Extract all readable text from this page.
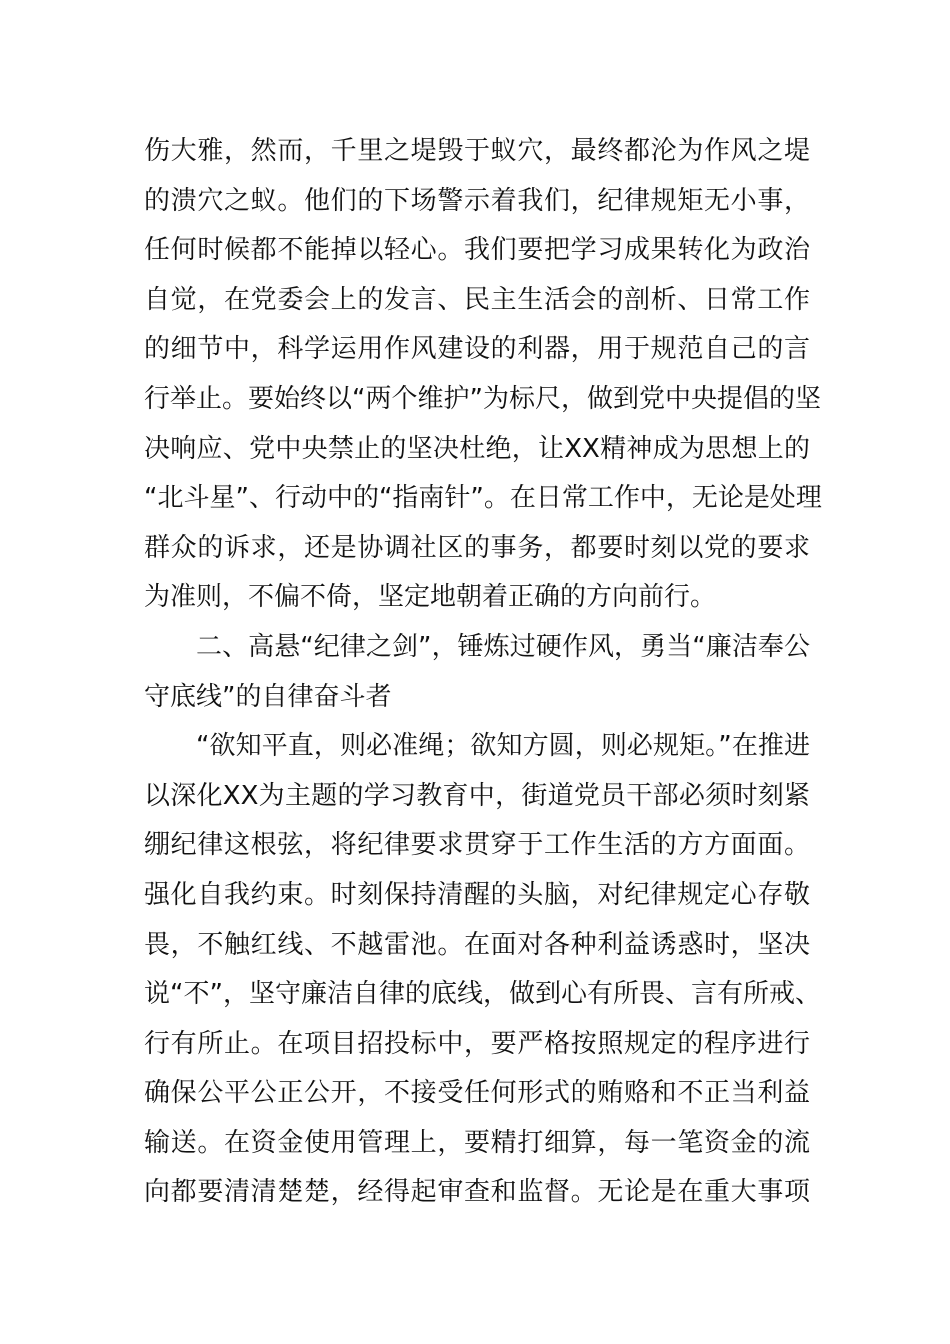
伤大雅，然而，千里之堤毁于蚁穴，最终都沦为作风之堤
的溃穴之蚁。他们的下场警示着我们，纪律规矩无小事，
任何时候都不能掉以轻心。我们要把学习成果转化为政治
自觉，在党委会上的发言、民主生活会的剖析、日常工作
的细节中，科学运用作风建设的利器，用于规范自己的言
行举止。要始终以“两个维护”为标尺，做到党中央提倡的坚
决响应、党中央禁止的坚决杜绝，让XX精神成为思想上的
“北斗星”、行动中的“指南针”。在日常工作中，无论是处理
群众的诉求，还是协调社区的事务，都要时刻以党的要求
为准则，不偏不倚，坚定地朝着正确的方向前行。

二、高悬“纪律之剑”，锤炼过硬作风，勇当“廉洁奉公
守底线”的自律奋斗者

“欲知平直，则必准绳；欲知方圆，则必规矩。”在推进
以深化XX为主题的学习教育中，街道党员干部必须时刻紧
绷纪律这根弦，将纪律要求贯穿于工作生活的方方面面。
强化自我约束。时刻保持清醒的头脑，对纪律规定心存敬
畏，不触红线、不越雷池。在面对各种利益诱惑时，坚决
说“不”，坚守廉洁自律的底线，做到心有所畏、言有所戒、
行有所止。在项目招投标中，要严格按照规定的程序进行
确保公平公正公开，不接受任何形式的贿赂和不正当利益
输送。在资金使用管理上，要精打细算，每一笔资金的流
向都要清清楚楚，经得起审查和监督。无论是在重大事项
